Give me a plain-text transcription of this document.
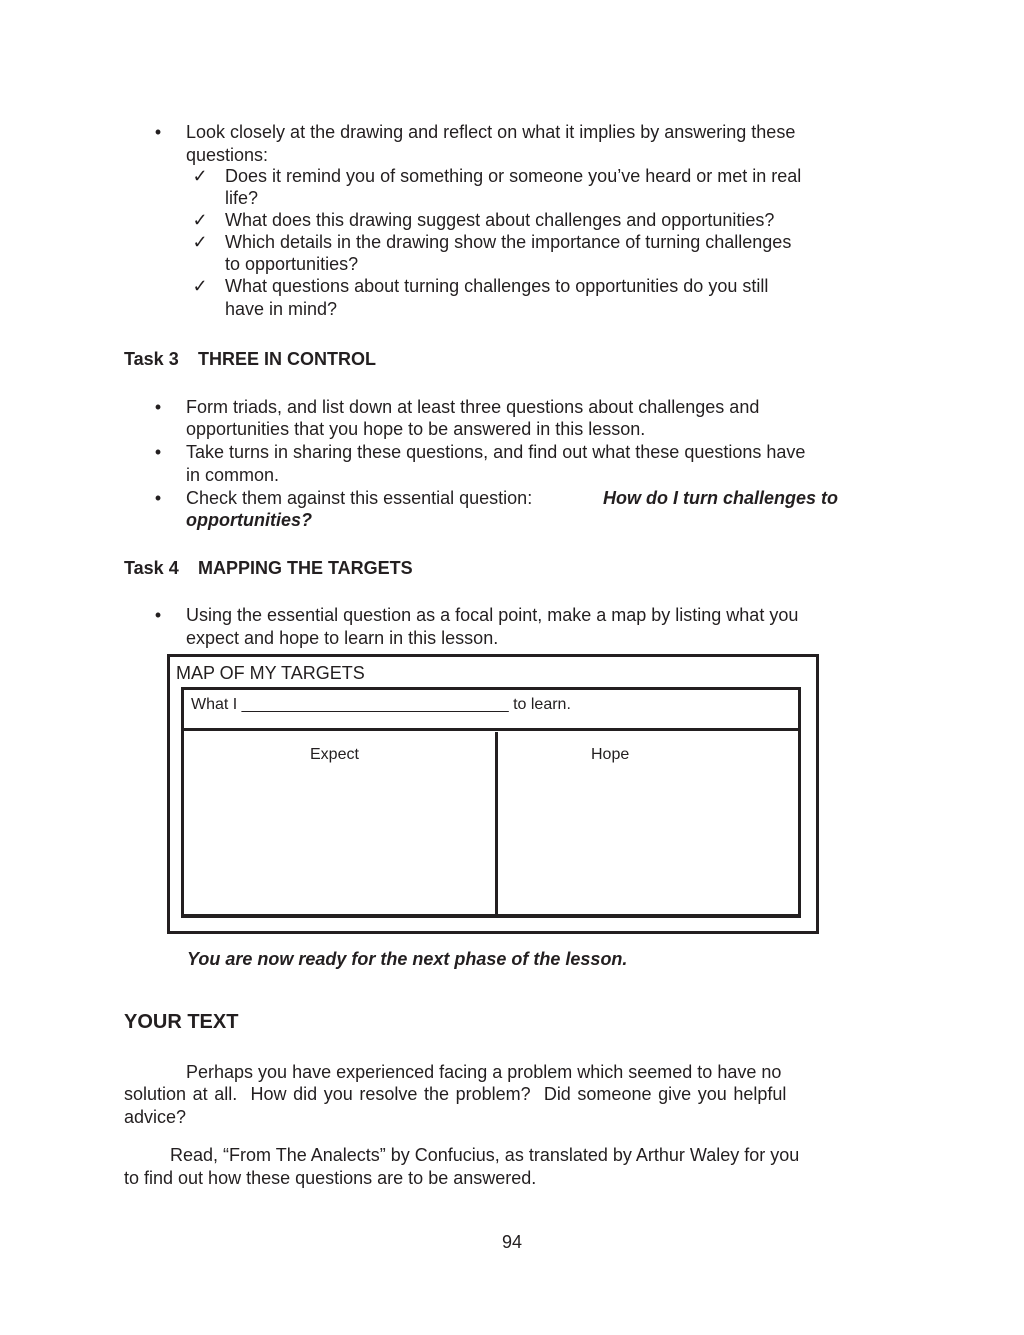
•	Look closely at the drawing and reflect on what it implies by answering these
questions:
✓ Does it remind you of something or someone you’ve heard or met in real
life?
✓ What does this drawing suggest about challenges and opportunities?
✓ Which details in the drawing show the importance of turning challenges
to opportunities?
✓ What questions about turning challenges to opportunities do you still
have in mind?
Task 3 THREE IN CONTROL
•	Form triads, and list down at least three questions about challenges and
opportunities that you hope to be answered in this lesson.
•	Take turns in sharing these questions, and find out what these questions have
in common.
•	Check them against this essential question:	How do I turn challenges to
opportunities?
Task 4 MAPPING THE TARGETS
•	Using the essential question as a focal point, make a map by listing what you
expect and hope to learn in this lesson.
MAP OF MY TARGETS
What I ______________________________ to learn.
Expect	Hope
You are now ready for the next phase of the lesson.
YOUR TEXT
Perhaps you have experienced facing a problem which seemed to have no
solution at all.  How did you resolve the problem?  Did someone give you helpful
advice?
Read, “From The Analects” by Confucius, as translated by Arthur Waley for you
to find out how these questions are to be answered.
94
